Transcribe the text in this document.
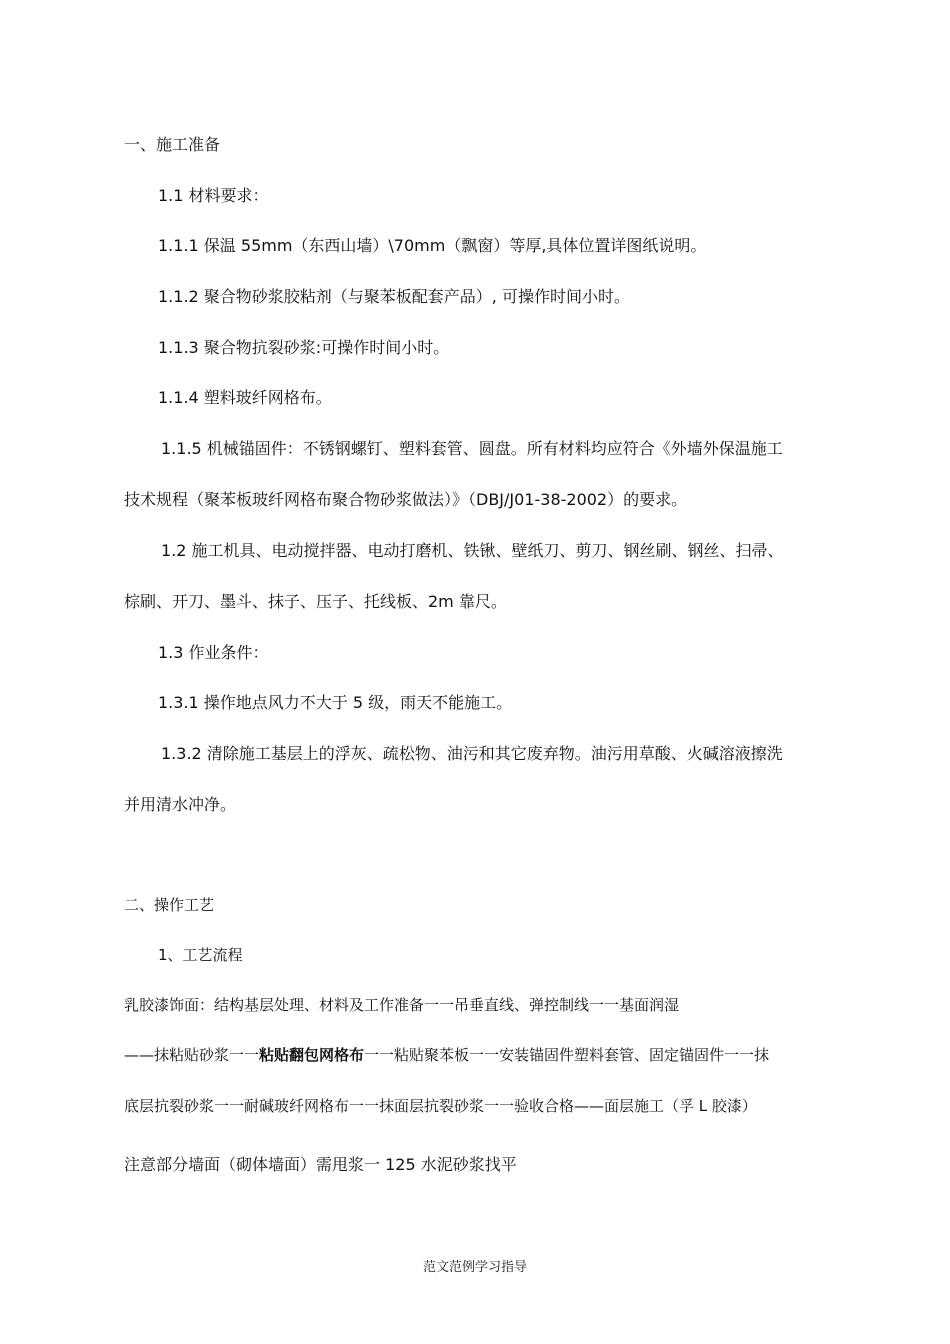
一、施工准备
1.1 材料要求：
1.1.1 保温 55mm（东西山墙）\70mm（飘窗）等厚,具体位置详图纸说明。
1.1.2 聚合物砂浆胶粘剂（与聚苯板配套产品）, 可操作时间小时。
1.1.3 聚合物抗裂砂浆:可操作时间小时。
1.1.4 塑料玻纤网格布。
1.1.5 机械锚固件：不锈钢螺钉、塑料套管、圆盘。所有材料均应符合《外墙外保温施工
技术规程（聚苯板玻纤网格布聚合物砂浆做法）》（DBJ/J01-38-2002）的要求。
1.2 施工机具、电动搅拌器、电动打磨机、铁锹、壁纸刀、剪刀、钢丝刷、钢丝、扫帚、
棕刷、开刀、墨斗、抹子、压子、托线板、2m 靠尺。
1.3 作业条件：
1.3.1 操作地点风力不大于 5 级，雨天不能施工。
1.3.2 清除施工基层上的浮灰、疏松物、油污和其它废弃物。油污用草酸、火碱溶液擦洗
并用清水冲净。
二、操作工艺
1、工艺流程
乳胶漆饰面：结构基层处理、材料及工作准备一一吊垂直线、弹控制线一一基面润湿
——抹粘贴砂浆一一粘贴翻包网格布一一粘贴聚苯板一一安装锚固件塑料套管、固定锚固件一一抹
底层抗裂砂浆一一耐碱玻纤网格布一一抹面层抗裂砂浆一一验收合格——面层施工（孚 L 胶漆）
注意部分墙面（砌体墙面）需甩浆一 125 水泥砂浆找平
范文范例学习指导
